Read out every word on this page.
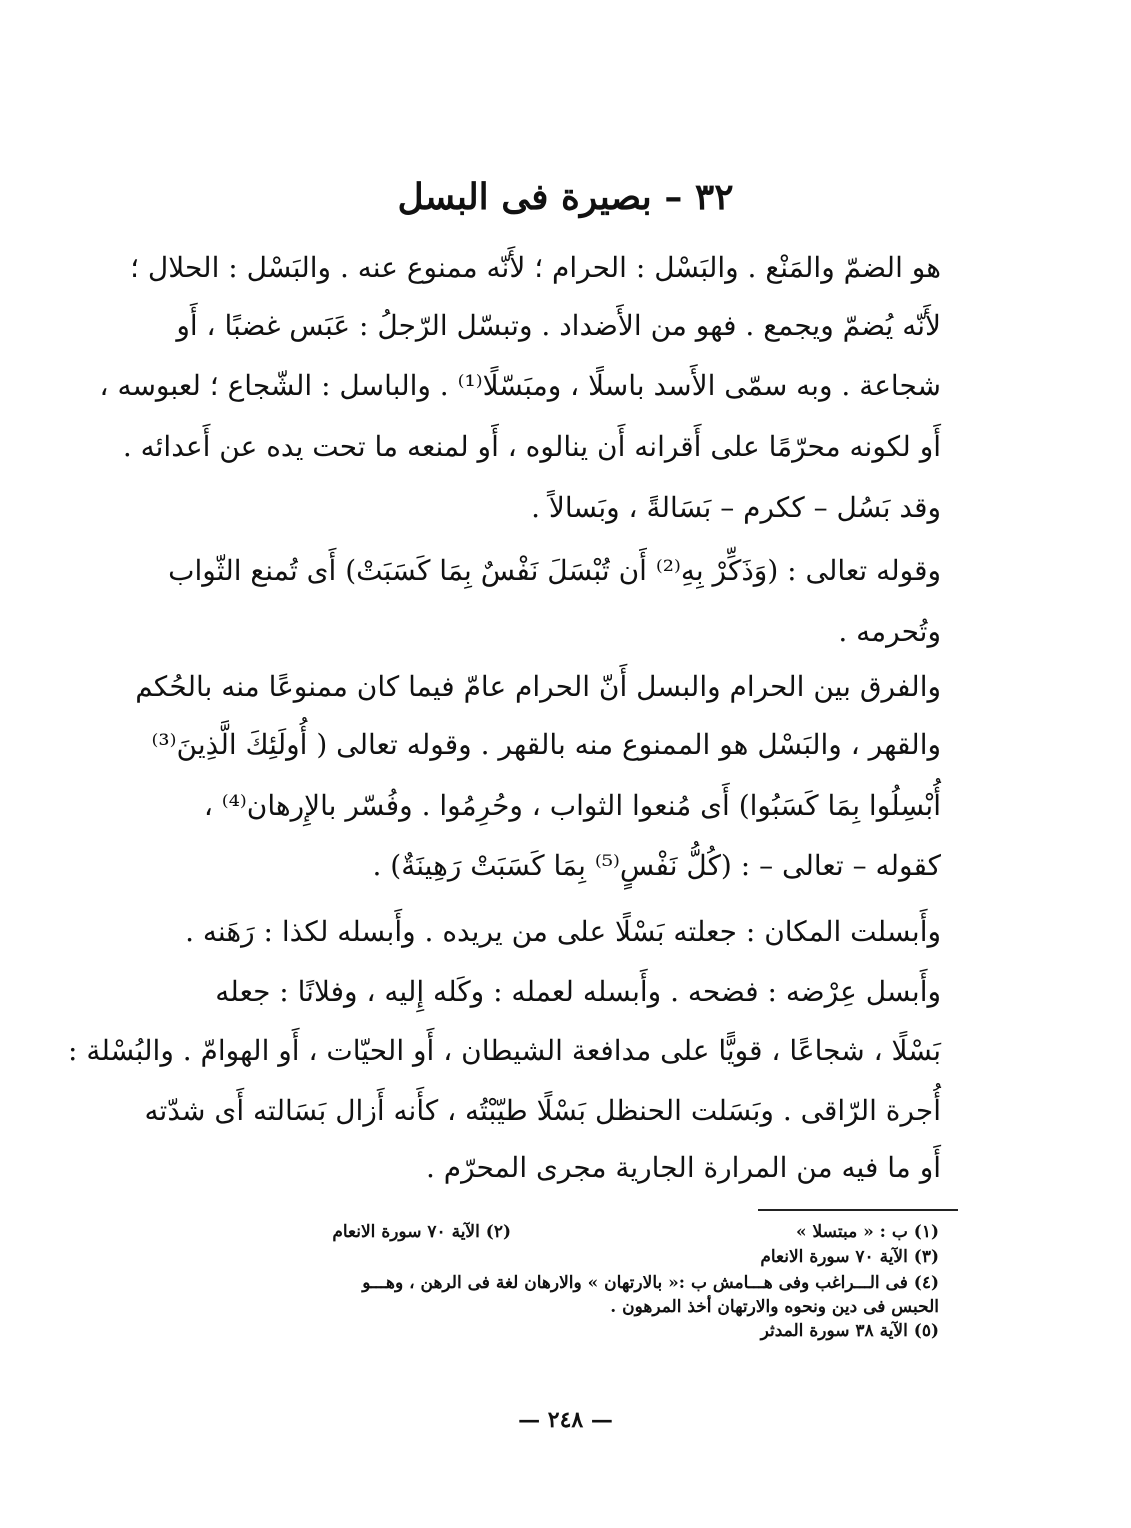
٣٢ – بصيرة فى البسل
هو الضمّ والمَنْع . والبَسْل : الحرام ؛ لأَنّه ممنوع عنه . والبَسْل : الحلال ؛
لأَنّه يُضمّ ويجمع . فهو من الأَضداد . وتبسّل الرّجلُ : عَبَس غضبًا ، أَو
شجاعة . وبه سمّى الأَسد باسلًا ، ومبَسّلًا⁽¹⁾ . والباسل : الشّجاع ؛ لعبوسه ،
أَو لكونه محرّمًا على أَقرانه أَن ينالوه ، أَو لمنعه ما تحت يده عن أَعدائه .
وقد بَسُل – ككرم – بَسَالةً ، وبَسالاً .
وقوله تعالى : (وَذَكِّرْ بِهِ⁽²⁾ أَن تُبْسَلَ نَفْسٌ بِمَا كَسَبَتْ) أَى تُمنع الثّواب
وتُحرمه .
والفرق بين الحرام والبسل أَنّ الحرام عامّ فيما كان ممنوعًا منه بالحُكم
والقهر ، والبَسْل هو الممنوع منه بالقهر . وقوله تعالى ( أُولَئِكَ الَّذِينَ⁽³⁾
أُبْسِلُوا بِمَا كَسَبُوا) أَى مُنعوا الثواب ، وحُرِمُوا . وفُسّر بالإِرهان⁽⁴⁾ ،
كقوله – تعالى – : (كُلُّ نَفْسٍ⁽⁵⁾ بِمَا كَسَبَتْ رَهِينَةٌ) .
وأَبسلت المكان : جعلته بَسْلًا على من يريده . وأَبسله لكذا : رَهَنه .
وأَبسل عِرْضه : فضحه . وأَبسله لعمله : وكَله إِليه ، وفلانًا : جعله
بَسْلًا ، شجاعًا ، قويًّا على مدافعة الشيطان ، أَو الحيّات ، أَو الهوامّ . والبُسْلة :
أُجرة الرّاقى . وبَسَلت الحنظل بَسْلًا طيّبْتُه ، كأَنه أَزال بَسَالته أَى شدّته
أَو ما فيه من المرارة الجارية مجرى المحرّم .
(١) ب : « مبتسلا »
(٢) الآية ٧٠ سورة الانعام
(٣) الآية ٧٠ سورة الانعام
(٤) فى الـــراغب وفى هـــامش ب :« بالارتهان » والارهان لغة فى الرهن ، وهـــو
الحبس فى دين ونحوه والارتهان أخذ المرهون .
(٥) الآية ٣٨ سورة المدثر
— ٢٤٨ —
